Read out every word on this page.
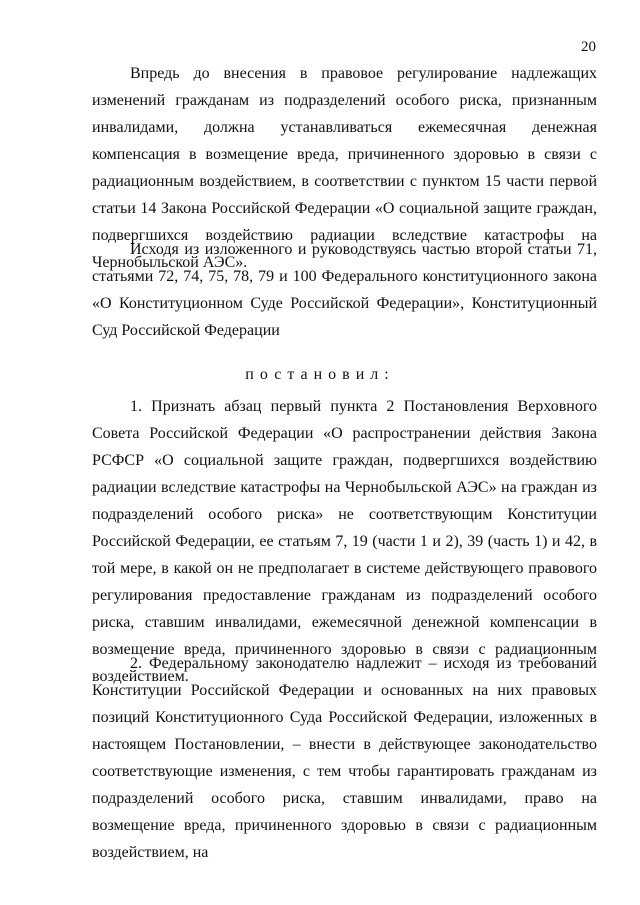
20

Впредь до внесения в правовое регулирование надлежащих изменений гражданам из подразделений особого риска, признанным инвалидами, должна устанавливаться ежемесячная денежная компенсация в возмещение вреда, причиненного здоровью в связи с радиационным воздействием, в соответствии с пунктом 15 части первой статьи 14 Закона Российской Федерации «О социальной защите граждан, подвергшихся воздействию радиации вследствие катастрофы на Чернобыльской АЭС».

Исходя из изложенного и руководствуясь частью второй статьи 71, статьями 72, 74, 75, 78, 79 и 100 Федерального конституционного закона «О Конституционном Суде Российской Федерации», Конституционный Суд Российской Федерации

постановил:

1. Признать абзац первый пункта 2 Постановления Верховного Совета Российской Федерации «О распространении действия Закона РСФСР «О социальной защите граждан, подвергшихся воздействию радиации вследствие катастрофы на Чернобыльской АЭС» на граждан из подразделений особого риска» не соответствующим Конституции Российской Федерации, ее статьям 7, 19 (части 1 и 2), 39 (часть 1) и 42, в той мере, в какой он не предполагает в системе действующего правового регулирования предоставление гражданам из подразделений особого риска, ставшим инвалидами, ежемесячной денежной компенсации в возмещение вреда, причиненного здоровью в связи с радиационным воздействием.

2. Федеральному законодателю надлежит – исходя из требований Конституции Российской Федерации и основанных на них правовых позиций Конституционного Суда Российской Федерации, изложенных в настоящем Постановлении, – внести в действующее законодательство соответствующие изменения, с тем чтобы гарантировать гражданам из подразделений особого риска, ставшим инвалидами, право на возмещение вреда, причиненного здоровью в связи с радиационным воздействием, на
